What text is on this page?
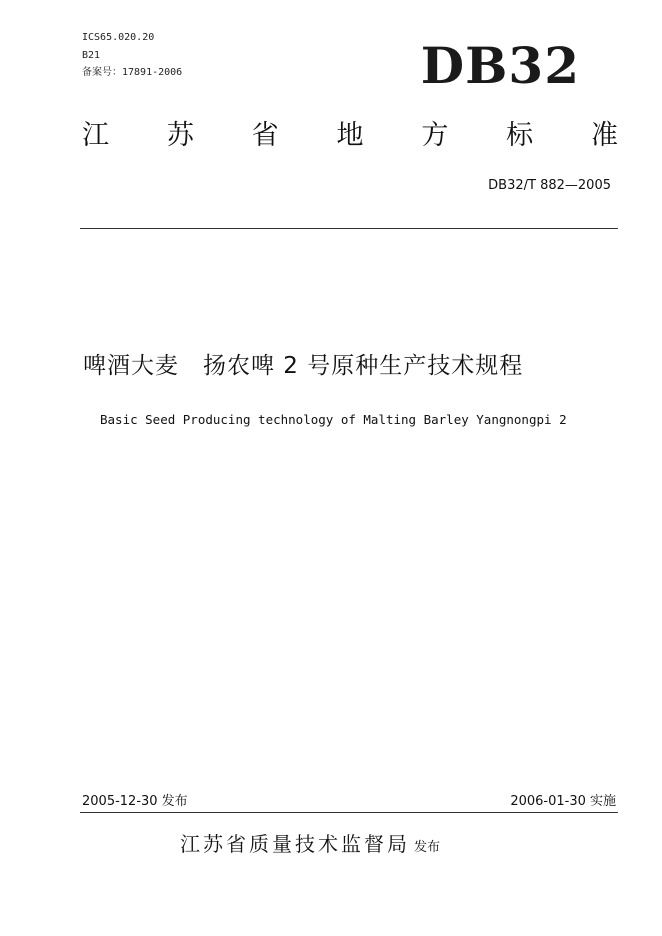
ICS65.020.20
B21
备案号：17891-2006	DB32
江 苏 省 地 方 标 准
DB32/T 882—2005
啤酒大麦　扬农啤 2 号原种生产技术规程
Basic Seed Producing technology of Malting Barley Yangnongpi 2
2005-12-30 发布	2006-01-30 实施
江苏省质量技术监督局 发布
